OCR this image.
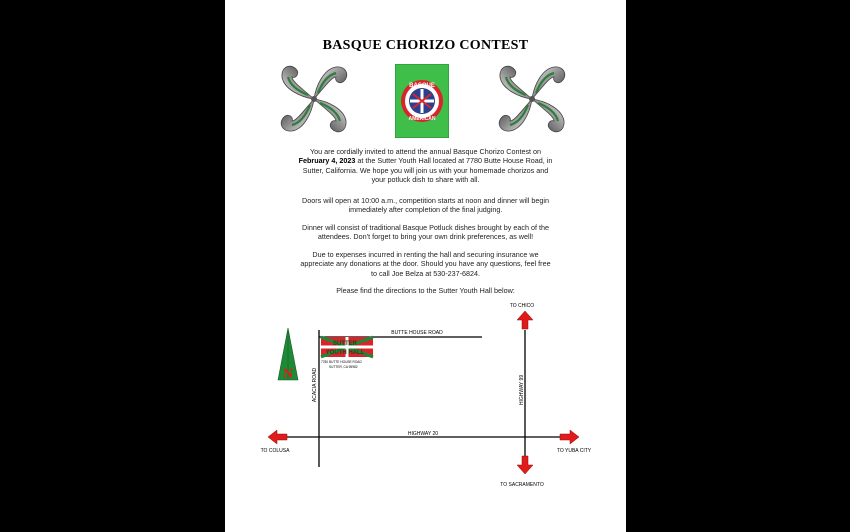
BASQUE CHORIZO CONTEST
BASQUE
AMERICAN
You are cordially invited to attend the annual Basque Chorizo Contest on
February 4, 2023 at the Sutter Youth Hall located at 7780 Butte House Road, in
Sutter, California. We hope you will join us with your homemade chorizos and
your potluck dish to share with all.
Doors will open at 10:00 a.m., competition starts at noon and dinner will begin
immediately after completion of the final judging.
Dinner will consist of traditional Basque Potluck dishes brought by each of the
attendees. Don’t forget to bring your own drink preferences, as well!
Due to expenses incurred in renting the hall and securing insurance we
appreciate any donations at the door. Should you have any questions, feel free
to call Joe Belza at 530-237-6824.
Please find the directions to the Sutter Youth Hall below:
BUTTE HOUSE ROAD
ACACIA ROAD	HIGHWAY 99
HIGHWAY 20
TO CHICO
TO COLUSA	TO YUBA CITY
TO SACRAMENTO
SUTTER
YOUTH HALL
7780 BUTTE HOUSE ROAD
SUTTER, CA 95982
N
